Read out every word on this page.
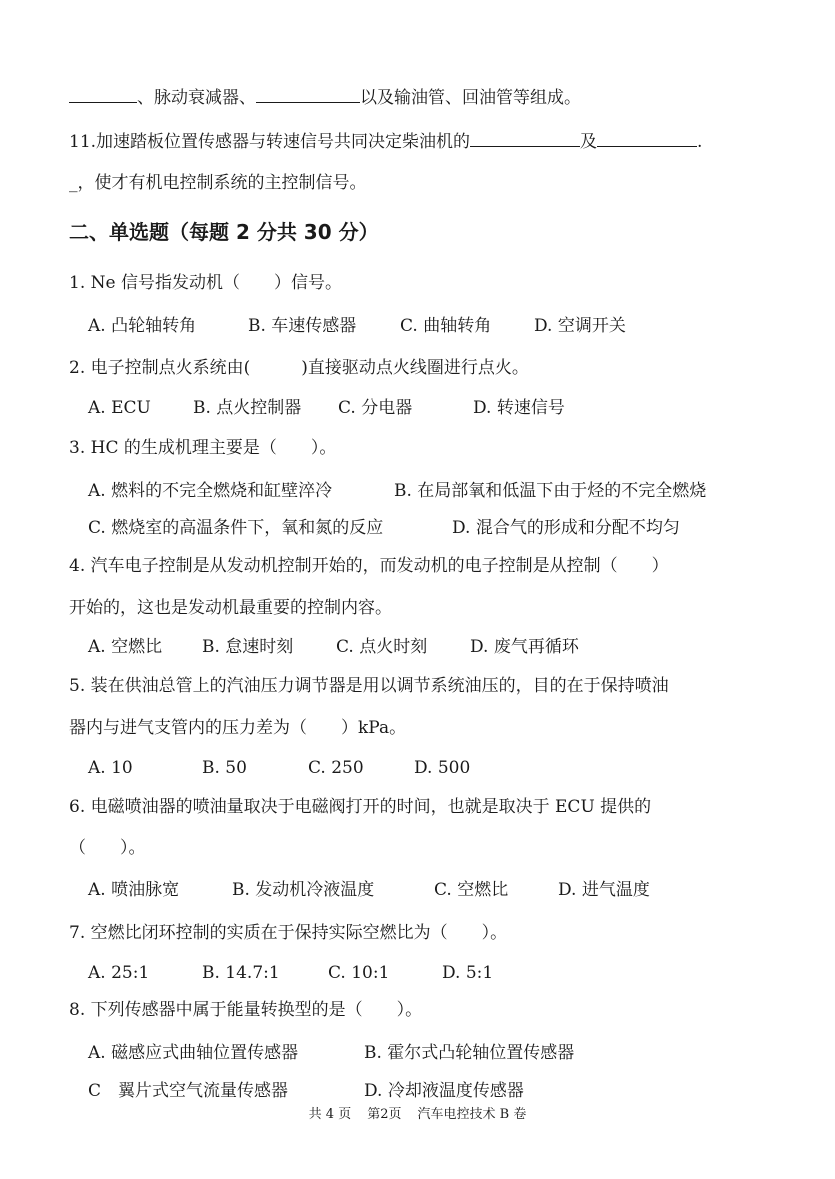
、脉动衰减器、	以及输油管、回油管等组成。
11.加速踏板位置传感器与转速信号共同决定柴油机的	及	.
_，使才有机电控制系统的主控制信号。
二、单选题（每题 2 分共 30 分）
1. Ne 信号指发动机（　　）信号。
A. 凸轮轴转角	B. 车速传感器	C. 曲轴转角	D. 空调开关
2. 电子控制点火系统由(　　　)直接驱动点火线圈进行点火。
A. ECU B. 点火控制器 C. 分电器	D. 转速信号
3. HC 的生成机理主要是（　　）。
A. 燃料的不完全燃烧和缸壁淬冷	B. 在局部氧和低温下由于烃的不完全燃烧
C. 燃烧室的高温条件下，氧和氮的反应	D. 混合气的形成和分配不均匀
4. 汽车电子控制是从发动机控制开始的，而发动机的电子控制是从控制（　　）
开始的，这也是发动机最重要的控制内容。
A. 空燃比 B. 怠速时刻	C. 点火时刻	D. 废气再循环
5. 装在供油总管上的汽油压力调节器是用以调节系统油压的，目的在于保持喷油
器内与进气支管内的压力差为（　　）kPa。
A. 10	B. 50	C. 250	D. 500
6. 电磁喷油器的喷油量取决于电磁阀打开的时间，也就是取决于 ECU 提供的
（　　）。
A. 喷油脉宽	B. 发动机冷液温度	C. 空燃比	D. 进气温度
7. 空燃比闭环控制的实质在于保持实际空燃比为（　　）。
A. 25:1	B. 14.7:1	C. 10:1	D. 5:1
8. 下列传感器中属于能量转换型的是（　　）。
A. 磁感应式曲轴位置传感器	B. 霍尔式凸轮轴位置传感器
C　翼片式空气流量传感器	D. 冷却液温度传感器
共 4 页 第2页 汽车电控技术 B 卷
